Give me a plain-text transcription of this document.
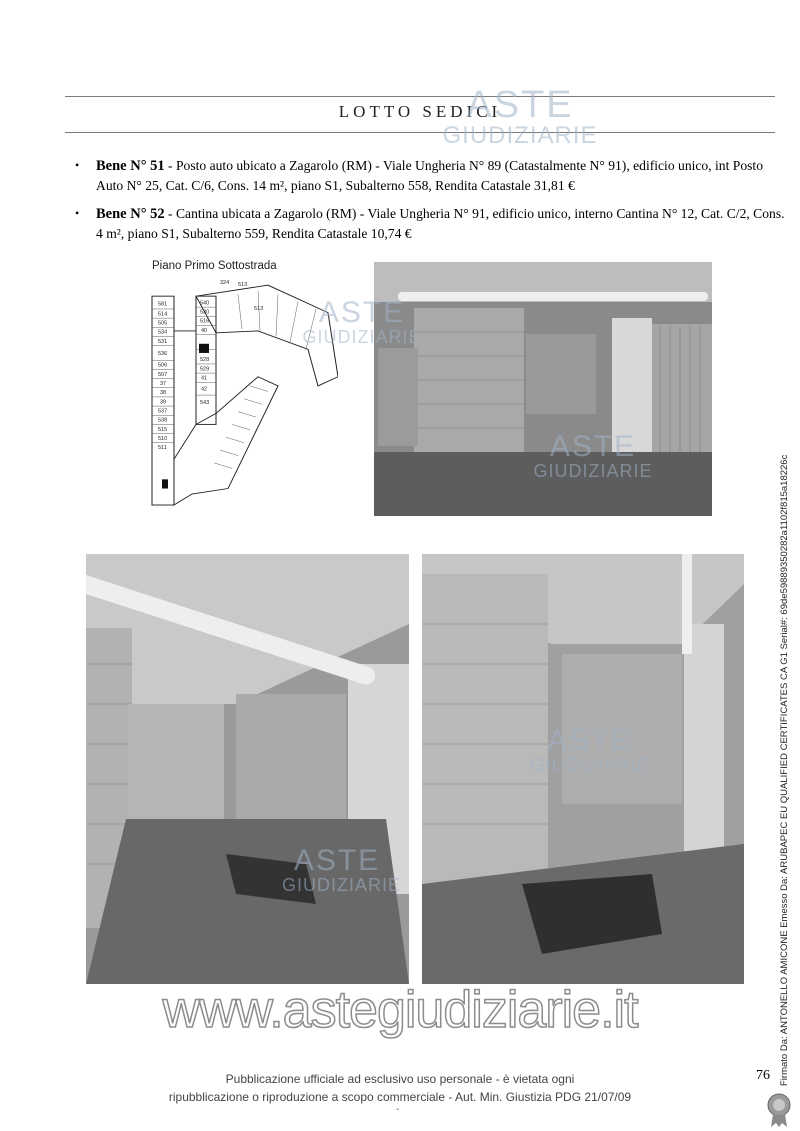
LOTTO SEDICI
• Bene N° 51 - Posto auto ubicato a Zagarolo (RM) - Viale Ungheria N° 89 (Catastalmente N° 91), edificio unico, int Posto Auto N° 25, Cat. C/6, Cons. 14 m², piano S1, Subalterno 558, Rendita Catastale 31,81 €
• Bene N° 52 - Cantina ubicata a Zagarolo (RM) - Viale Ungheria N° 91, edificio unico, interno Cantina N° 12, Cat. C/2, Cons. 4 m², piano S1, Subalterno 559, Rendita Catastale 10,74 €
Piano Primo Sottostrada
581
514
505
534
531
536
506
507
37
38
39
537
538
515
510
511
540
530
516
40
528
529
41
42
543
324 513
513
ASTE
GIUDIZIARIE
ASTE
GIUDIZIARIE
ASTE
GIUDIZIARIE
ASTE
GIUDIZIARIE
ASTE
GIUDIZIARIE
www.astegiudiziarie.it
Pubblicazione ufficiale ad esclusivo uso personale - è vietata ogni
ripubblicazione o riproduzione a scopo commerciale - Aut. Min. Giustizia PDG 21/07/09
-
76 Firmato Da: ANTONELLO AMICONE Emesso Da: ARUBAPEC EU QUALIFIED CERTIFICATES CA G1 Serial#: 69de59889350282a1102f815a18226c
